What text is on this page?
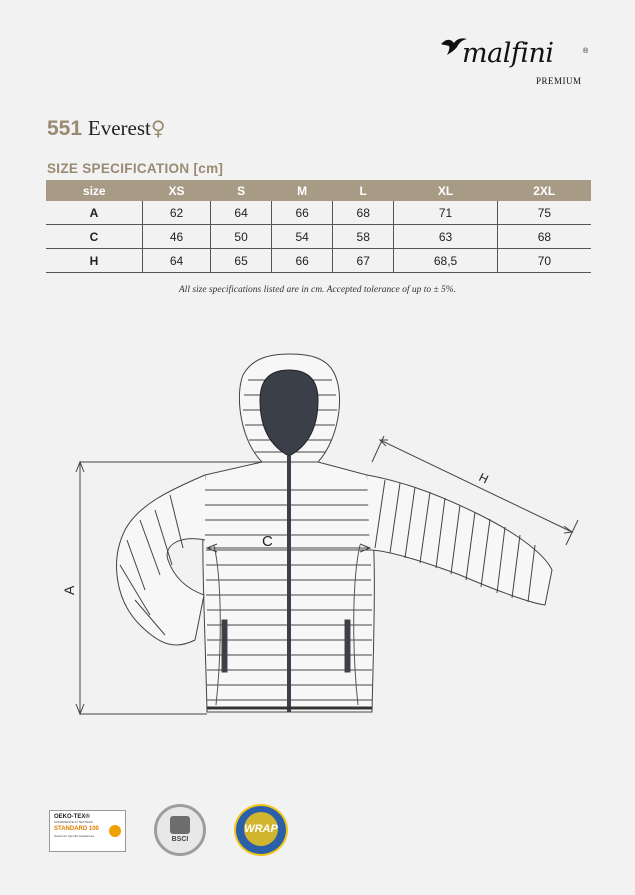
malfini	®
PREMIUM
551 Everest♀
SIZE SPECIFICATION [cm]
size	XS	S	M	L	XL	2XL
A	62	64	66	68	71	75
C	46	50	54	58	63	68
H	64	65	66	67	68,5	70
All size specifications listed are in cm. Accepted tolerance of up to ± 5%.
A
C
H
OEKO-TEX®
CONFIDENCE IN TEXTILES
STANDARD 100
Tested for harmful substances	BSCI
WRAP
